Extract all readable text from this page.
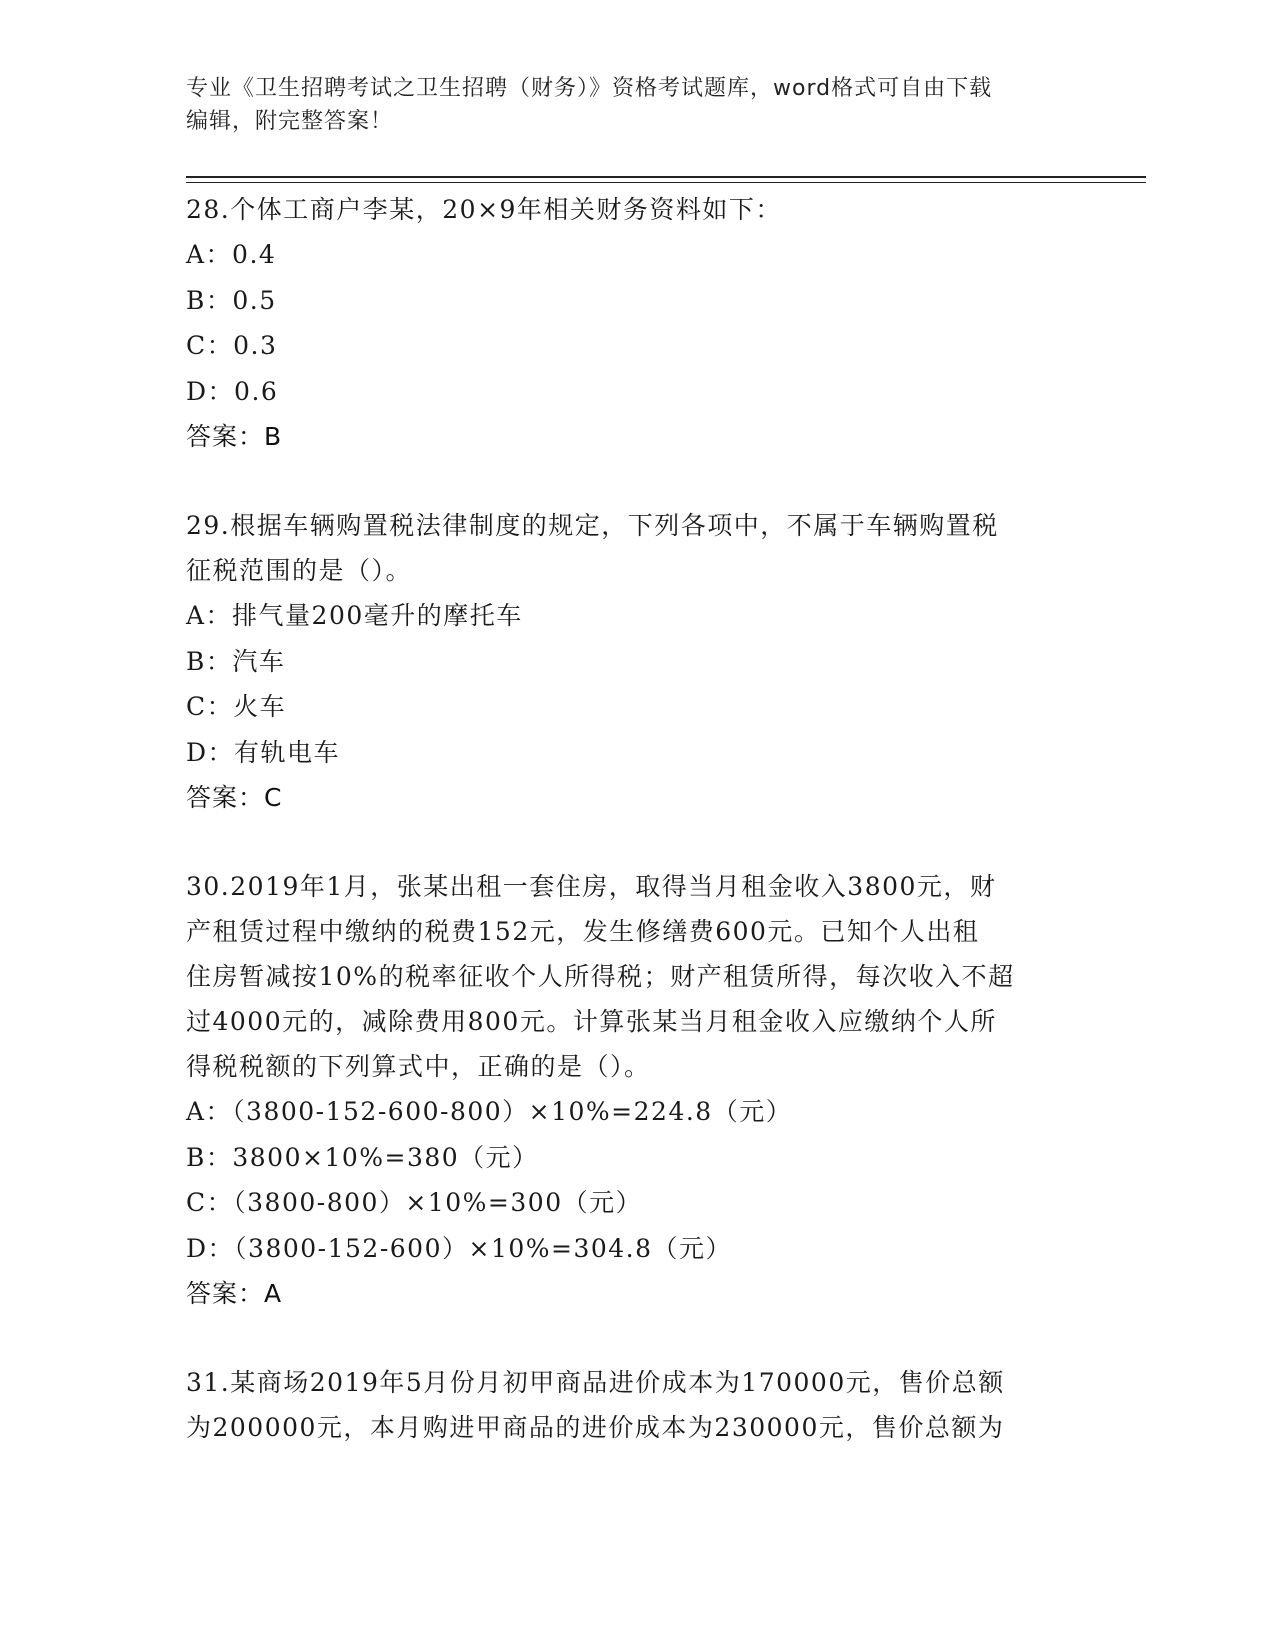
专业《卫生招聘考试之卫生招聘（财务）》资格考试题库，word格式可自由下载
编辑，附完整答案！
28.个体工商户李某，20×9年相关财务资料如下：
A：0.4
B：0.5
C：0.3
D：0.6
答案：B
29.根据车辆购置税法律制度的规定，下列各项中，不属于车辆购置税
征税范围的是（）。
A：排气量200毫升的摩托车
B：汽车
C：火车
D：有轨电车
答案：C
30.2019年1月，张某出租一套住房，取得当月租金收入3800元，财
产租赁过程中缴纳的税费152元，发生修缮费600元。已知个人出租
住房暂减按10%的税率征收个人所得税；财产租赁所得，每次收入不超
过4000元的，减除费用800元。计算张某当月租金收入应缴纳个人所
得税税额的下列算式中，正确的是（）。
A：（3800-152-600-800）×10%=224.8（元）
B：3800×10%=380（元）
C：（3800-800）×10%=300（元）
D：（3800-152-600）×10%=304.8（元）
答案：A
31.某商场2019年5月份月初甲商品进价成本为170000元，售价总额
为200000元，本月购进甲商品的进价成本为230000元，售价总额为
